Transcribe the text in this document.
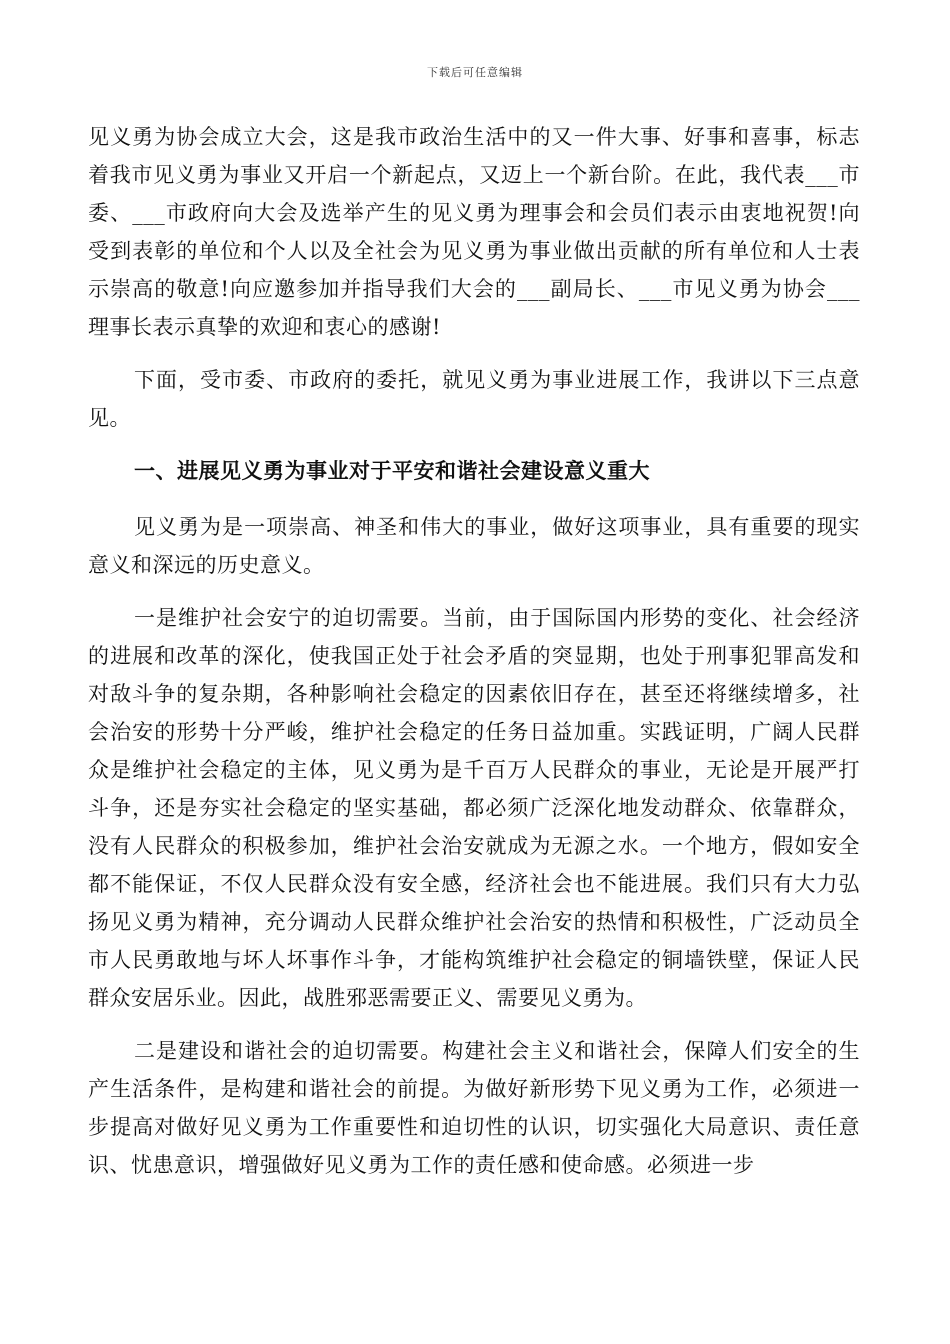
下载后可任意编辑

见义勇为协会成立大会，这是我市政治生活中的又一件大事、好事和喜事，标志着我市见义勇为事业又开启一个新起点，又迈上一个新台阶。在此，我代表___市委、___市政府向大会及选举产生的见义勇为理事会和会员们表示由衷地祝贺!向受到表彰的单位和个人以及全社会为见义勇为事业做出贡献的所有单位和人士表示崇高的敬意!向应邀参加并指导我们大会的___副局长、___市见义勇为协会___理事长表示真挚的欢迎和衷心的感谢!

下面，受市委、市政府的委托，就见义勇为事业进展工作，我讲以下三点意见。

一、进展见义勇为事业对于平安和谐社会建设意义重大

见义勇为是一项崇高、神圣和伟大的事业，做好这项事业，具有重要的现实意义和深远的历史意义。

一是维护社会安宁的迫切需要。当前，由于国际国内形势的变化、社会经济的进展和改革的深化，使我国正处于社会矛盾的突显期，也处于刑事犯罪高发和对敌斗争的复杂期，各种影响社会稳定的因素依旧存在，甚至还将继续增多，社会治安的形势十分严峻，维护社会稳定的任务日益加重。实践证明，广阔人民群众是维护社会稳定的主体，见义勇为是千百万人民群众的事业，无论是开展严打斗争，还是夯实社会稳定的坚实基础，都必须广泛深化地发动群众、依靠群众，没有人民群众的积极参加，维护社会治安就成为无源之水。一个地方，假如安全都不能保证，不仅人民群众没有安全感，经济社会也不能进展。我们只有大力弘扬见义勇为精神，充分调动人民群众维护社会治安的热情和积极性，广泛动员全市人民勇敢地与坏人坏事作斗争，才能构筑维护社会稳定的铜墙铁壁，保证人民群众安居乐业。因此，战胜邪恶需要正义、需要见义勇为。

二是建设和谐社会的迫切需要。构建社会主义和谐社会，保障人们安全的生产生活条件，是构建和谐社会的前提。为做好新形势下见义勇为工作，必须进一步提高对做好见义勇为工作重要性和迫切性的认识，切实强化大局意识、责任意识、忧患意识，增强做好见义勇为工作的责任感和使命感。必须进一步
